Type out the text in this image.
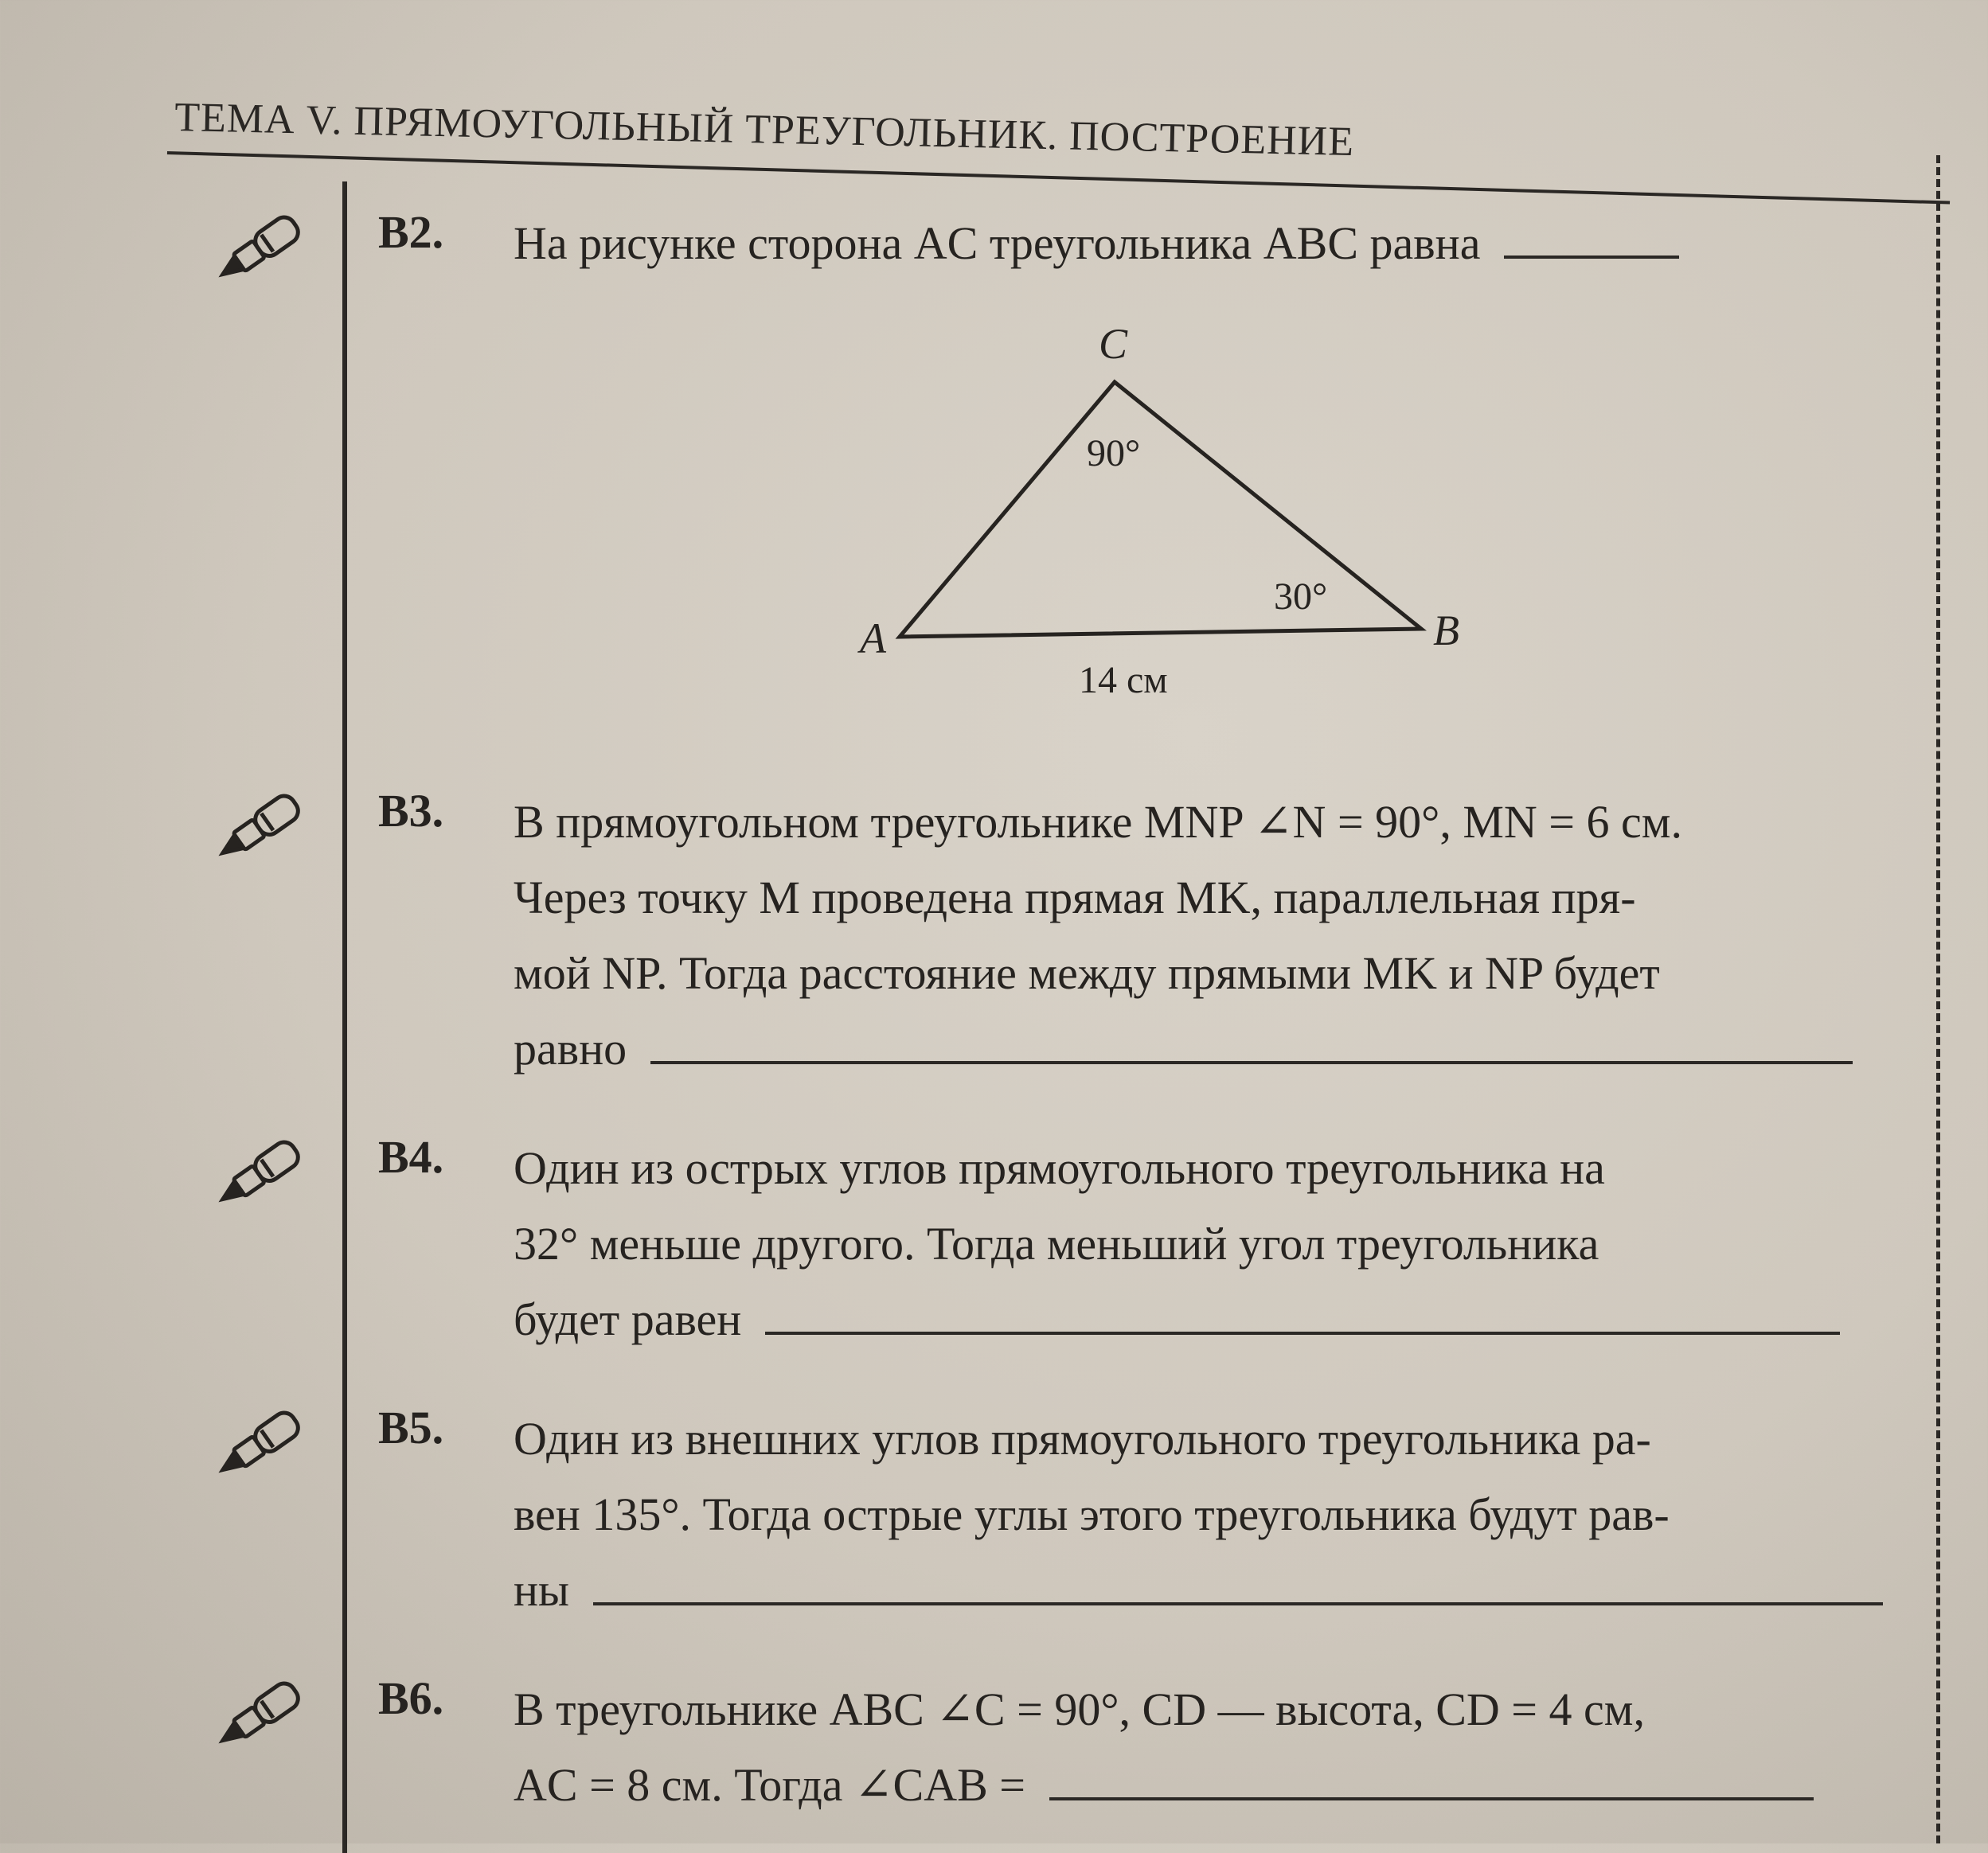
ТЕМА V. ПРЯМОУГОЛЬНЫЙ ТРЕУГОЛЬНИК. ПОСТРОЕНИЕ
B2. На рисунке сторона AC треугольника ABC равна
A	B
C
90°
30°
14 см
B3. В прямоугольном треугольнике MNP ∠N = 90°, MN = 6 см.
Через точку M проведена прямая MK, параллельная пря-
мой NP. Тогда расстояние между прямыми MK и NP будет
равно
B4. Один из острых углов прямоугольного треугольника на
32° меньше другого. Тогда меньший угол треугольника
будет равен
B5. Один из внешних углов прямоугольного треугольника ра-
вен 135°. Тогда острые углы этого треугольника будут рав-
ны
B6. В треугольнике ABC ∠C = 90°, CD — высота, CD = 4 см,
AC = 8 см. Тогда ∠CAB =
